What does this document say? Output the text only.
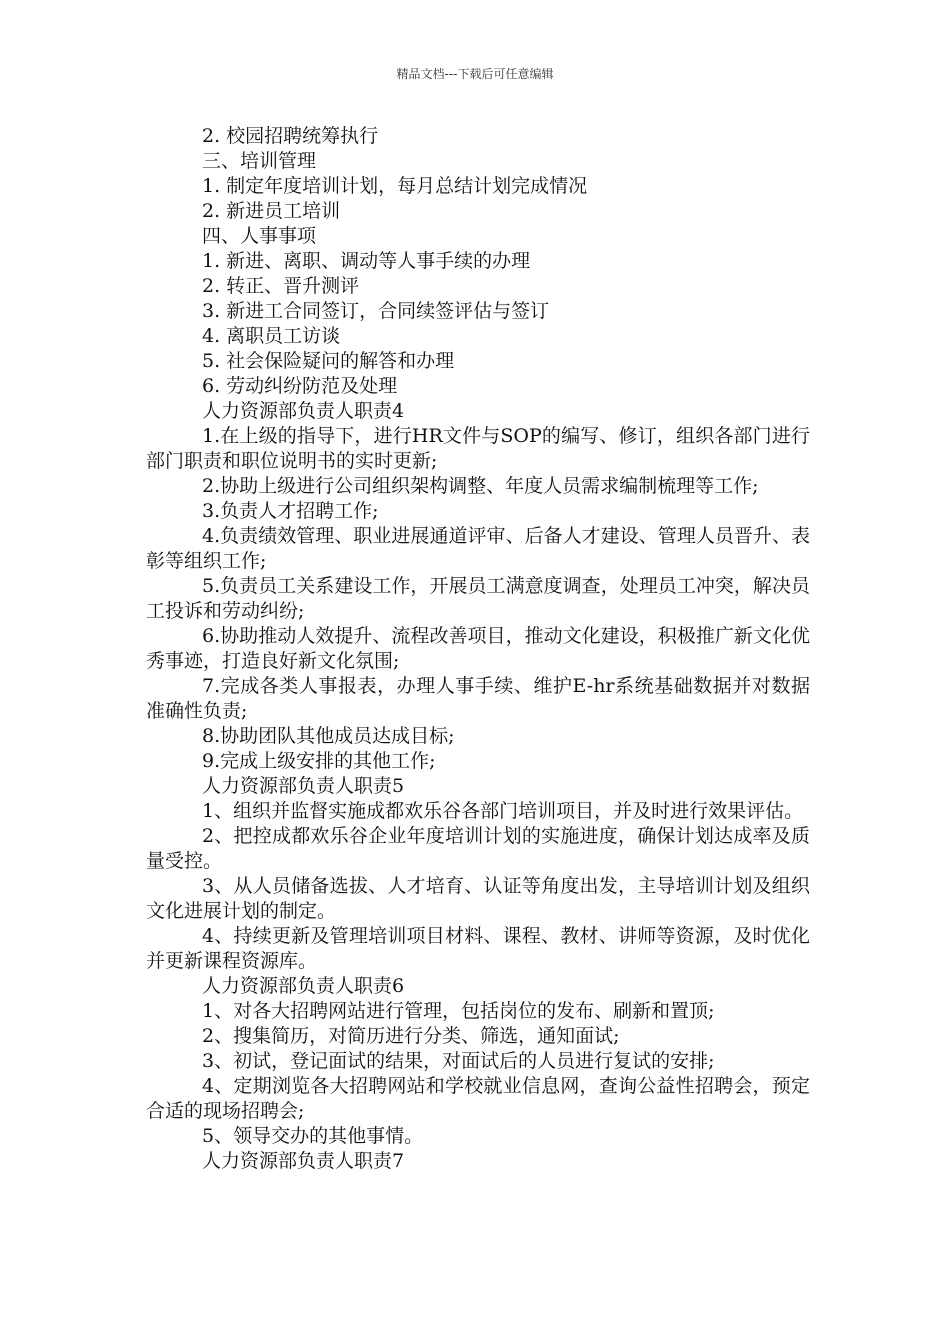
精品文档---下载后可任意编辑
2. 校园招聘统筹执行
三、培训管理
1. 制定年度培训计划，每月总结计划完成情况
2. 新进员工培训
四、人事事项
1. 新进、离职、调动等人事手续的办理
2. 转正、晋升测评
3. 新进工合同签订，合同续签评估与签订
4. 离职员工访谈
5. 社会保险疑问的解答和办理
6. 劳动纠纷防范及处理
人力资源部负责人职责4
1.在上级的指导下，进行HR文件与SOP的编写、修订，组织各部门进行部门职责和职位说明书的实时更新;
2.协助上级进行公司组织架构调整、年度人员需求编制梳理等工作;
3.负责人才招聘工作;
4.负责绩效管理、职业进展通道评审、后备人才建设、管理人员晋升、表彰等组织工作;
5.负责员工关系建设工作，开展员工满意度调查，处理员工冲突，解决员工投诉和劳动纠纷;
6.协助推动人效提升、流程改善项目，推动文化建设，积极推广新文化优秀事迹，打造良好新文化氛围;
7.完成各类人事报表，办理人事手续、维护E-hr系统基础数据并对数据准确性负责;
8.协助团队其他成员达成目标;
9.完成上级安排的其他工作;
人力资源部负责人职责5
1、组织并监督实施成都欢乐谷各部门培训项目，并及时进行效果评估。
2、把控成都欢乐谷企业年度培训计划的实施进度，确保计划达成率及质量受控。
3、从人员储备选拔、人才培育、认证等角度出发，主导培训计划及组织文化进展计划的制定。
4、持续更新及管理培训项目材料、课程、教材、讲师等资源，及时优化并更新课程资源库。
人力资源部负责人职责6
1、对各大招聘网站进行管理，包括岗位的发布、刷新和置顶;
2、搜集简历，对简历进行分类、筛选，通知面试;
3、初试，登记面试的结果，对面试后的人员进行复试的安排;
4、定期浏览各大招聘网站和学校就业信息网，查询公益性招聘会，预定合适的现场招聘会;
5、领导交办的其他事情。
人力资源部负责人职责7
